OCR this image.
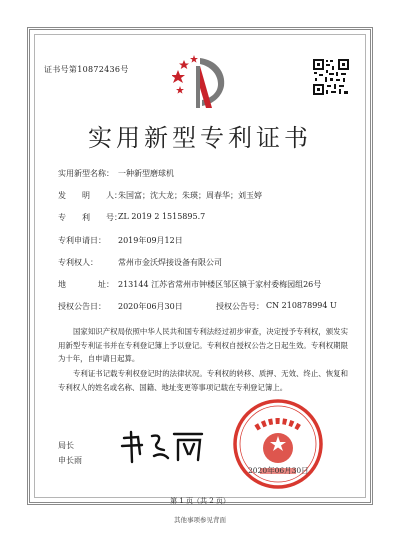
证书号第10872436号
实用新型专利证书
实用新型名称： 一种新型磨球机
发　　明　　人：
朱国富；沈大龙；朱瑛；周春华；刘玉婷
专　　利　　号：
ZL 2019 2 1515895.7
专利申请日： 2019年09月12日
专利权人：	常州市金沃焊接设备有限公司
地　　　　址： 213144 江苏省常州市钟楼区邹区镇于家村委梅园组26号
授权公告日： 2020年06月30日	授权公告号： CN 210878994 U
国家知识产权局依照中华人民共和国专利法经过初步审查，决定授予专利权，颁发实用新型专利证书并在专利登记簿上予以登记。专利权自授权公告之日起生效。专利权期限为十年，自申请日起算。
专利证书记载专利权登记时的法律状况。专利权的转移、质押、无效、终止、恢复和专利权人的姓名或名称、国籍、地址变更等事项记载在专利登记簿上。
局长
申长雨
2020年06月30日
第 1 页（共 2 页）
其他事项参见背面
